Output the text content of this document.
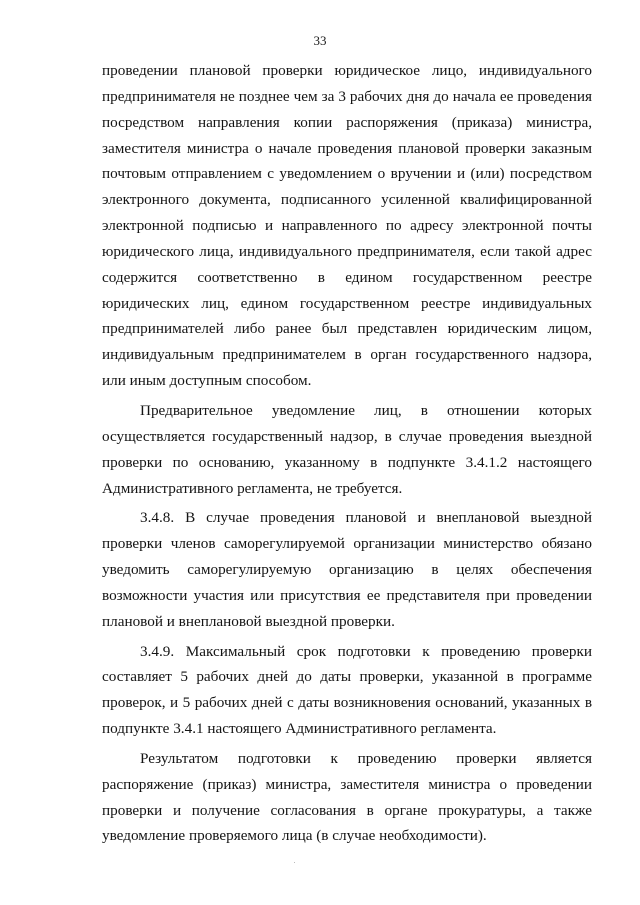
33

проведении плановой проверки юридическое лицо, индивидуального предпринимателя не позднее чем за 3 рабочих дня до начала ее проведения посредством направления копии распоряжения (приказа) министра, заместителя министра о начале проведения плановой проверки заказным почтовым отправлением с уведомлением о вручении и (или) посредством электронного документа, подписанного усиленной квалифицированной электронной подписью и направленного по адресу электронной почты юридического лица, индивидуального предпринимателя, если такой адрес содержится соответственно в едином государственном реестре юридических лиц, едином государственном реестре индивидуальных предпринимателей либо ранее был представлен юридическим лицом, индивидуальным предпринимателем в орган государственного надзора, или иным доступным способом.

Предварительное уведомление лиц, в отношении которых осуществляется государственный надзор, в случае проведения выездной проверки по основанию, указанному в подпункте 3.4.1.2 настоящего Административного регламента, не требуется.

3.4.8. В случае проведения плановой и внеплановой выездной проверки членов саморегулируемой организации министерство обязано уведомить саморегулируемую организацию в целях обеспечения возможности участия или присутствия ее представителя при проведении плановой и внеплановой выездной проверки.

3.4.9. Максимальный срок подготовки к проведению проверки составляет 5 рабочих дней до даты проверки, указанной в программе проверок, и 5 рабочих дней с даты возникновения оснований, указанных в подпункте 3.4.1 настоящего Административного регламента.

Результатом подготовки к проведению проверки является распоряжение (приказ) министра, заместителя министра о проведении проверки и получение согласования в органе прокуратуры, а также уведомление проверяемого лица (в случае необходимости).
